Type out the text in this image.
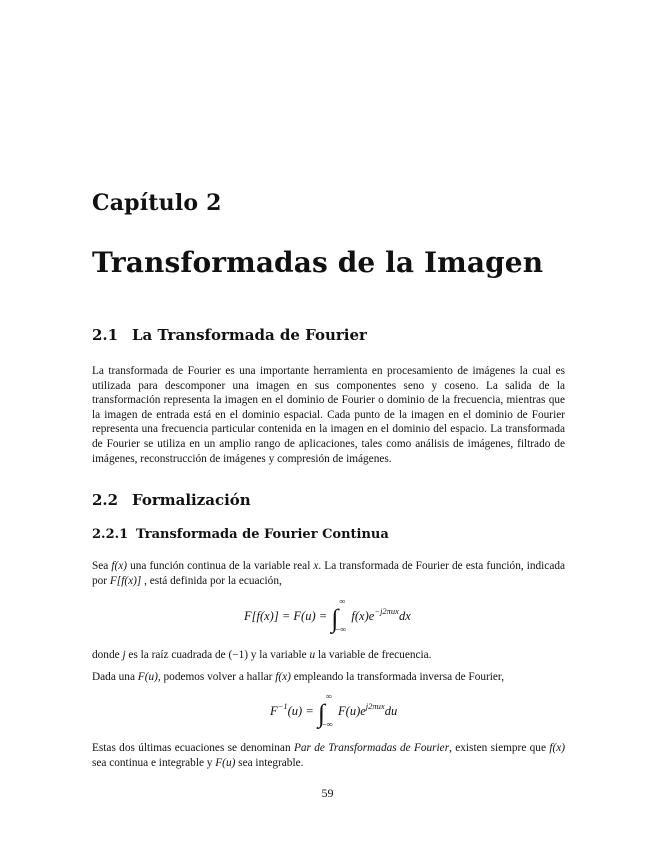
Capítulo 2
Transformadas de la Imagen
2.1 La Transformada de Fourier
La transformada de Fourier es una importante herramienta en procesamiento de imágenes la cual es utilizada para descomponer una imagen en sus componentes seno y coseno. La salida de la transformación representa la imagen en el dominio de Fourier o dominio de la frecuencia, mientras que la imagen de entrada está en el dominio espacial. Cada punto de la imagen en el dominio de Fourier representa una frecuencia particular contenida en la imagen en el dominio del espacio. La transformada de Fourier se utiliza en un amplio rango de aplicaciones, tales como análisis de imágenes, filtrado de imágenes, reconstrucción de imágenes y compresión de imágenes.
2.2 Formalización
2.2.1 Transformada de Fourier Continua
Sea f(x) una función continua de la variable real x. La transformada de Fourier de esta función, indicada por F[f(x)] , está definida por la ecuación,
F[f(x)] = F(u) = ∫
∞
−∞
$f(x)e^{-j2\pi ux}dx$
donde j es la raíz cuadrada de (−1) y la variable u la variable de frecuencia.
Dada una F(u), podemos volver a hallar f(x) empleando la transformada inversa de Fourier,
$F^{-1}(u)$ = ∫
∞
−∞
$F(u)e^{j2\pi ux}du$
Estas dos últimas ecuaciones se denominan Par de Transformadas de Fourier, existen siempre que f(x) sea continua e integrable y F(u) sea integrable.
59
